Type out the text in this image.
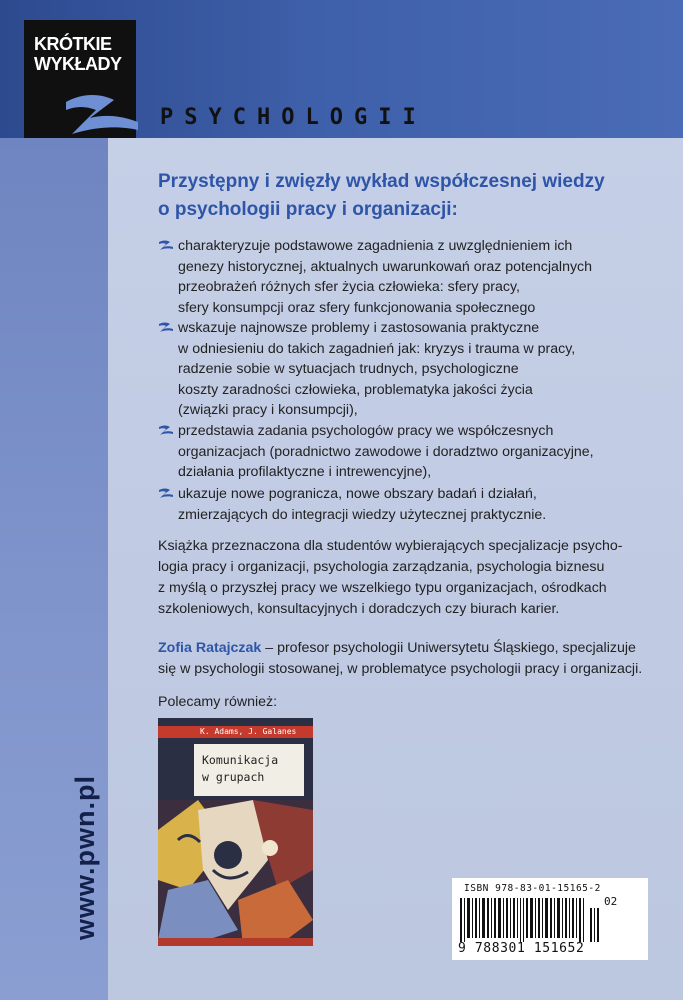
KRÓTKIE
WYKŁADY
PSYCHOLOGII
Przystępny i zwięzły wykład współczesnej wiedzy
o psychologii pracy i organizacji:
charakteryzuje podstawowe zagadnienia z uwzględnieniem ich
genezy historycznej, aktualnych uwarunkowań oraz potencjalnych
przeobrażeń różnych sfer życia człowieka: sfery pracy,
sfery konsumpcji oraz sfery funkcjonowania społecznego
wskazuje najnowsze problemy i zastosowania praktyczne
w odniesieniu do takich zagadnień jak: kryzys i trauma w pracy,
radzenie sobie w sytuacjach trudnych, psychologiczne
koszty zaradności człowieka, problematyka jakości życia
(związki pracy i konsumpcji),
przedstawia zadania psychologów pracy we współczesnych
organizacjach (poradnictwo zawodowe i doradztwo organizacyjne,
działania profilaktyczne i intrewencyjne),
ukazuje nowe pogranicza, nowe obszary badań i działań,
zmierzających do integracji wiedzy użytecznej praktycznie.
Książka przeznaczona dla studentów wybierających specjalizacje psycho-
logia pracy i organizacji, psychologia zarządzania, psychologia biznesu
z myślą o przyszłej pracy we wszelkiego typu organizacjach, ośrodkach
szkoleniowych, konsultacyjnych i doradczych czy biurach karier.
Zofia Ratajczak – profesor psychologii Uniwersytetu Śląskiego, specjalizuje
się w psychologii stosowanej, w problematyce psychologii pracy i organizacji.
Polecamy również:
K. Adams, J. Galanes
Komunikacja
w grupach
www.pwn.pl	ISBN 978-83-01-15165-2
02
9 788301 151652
